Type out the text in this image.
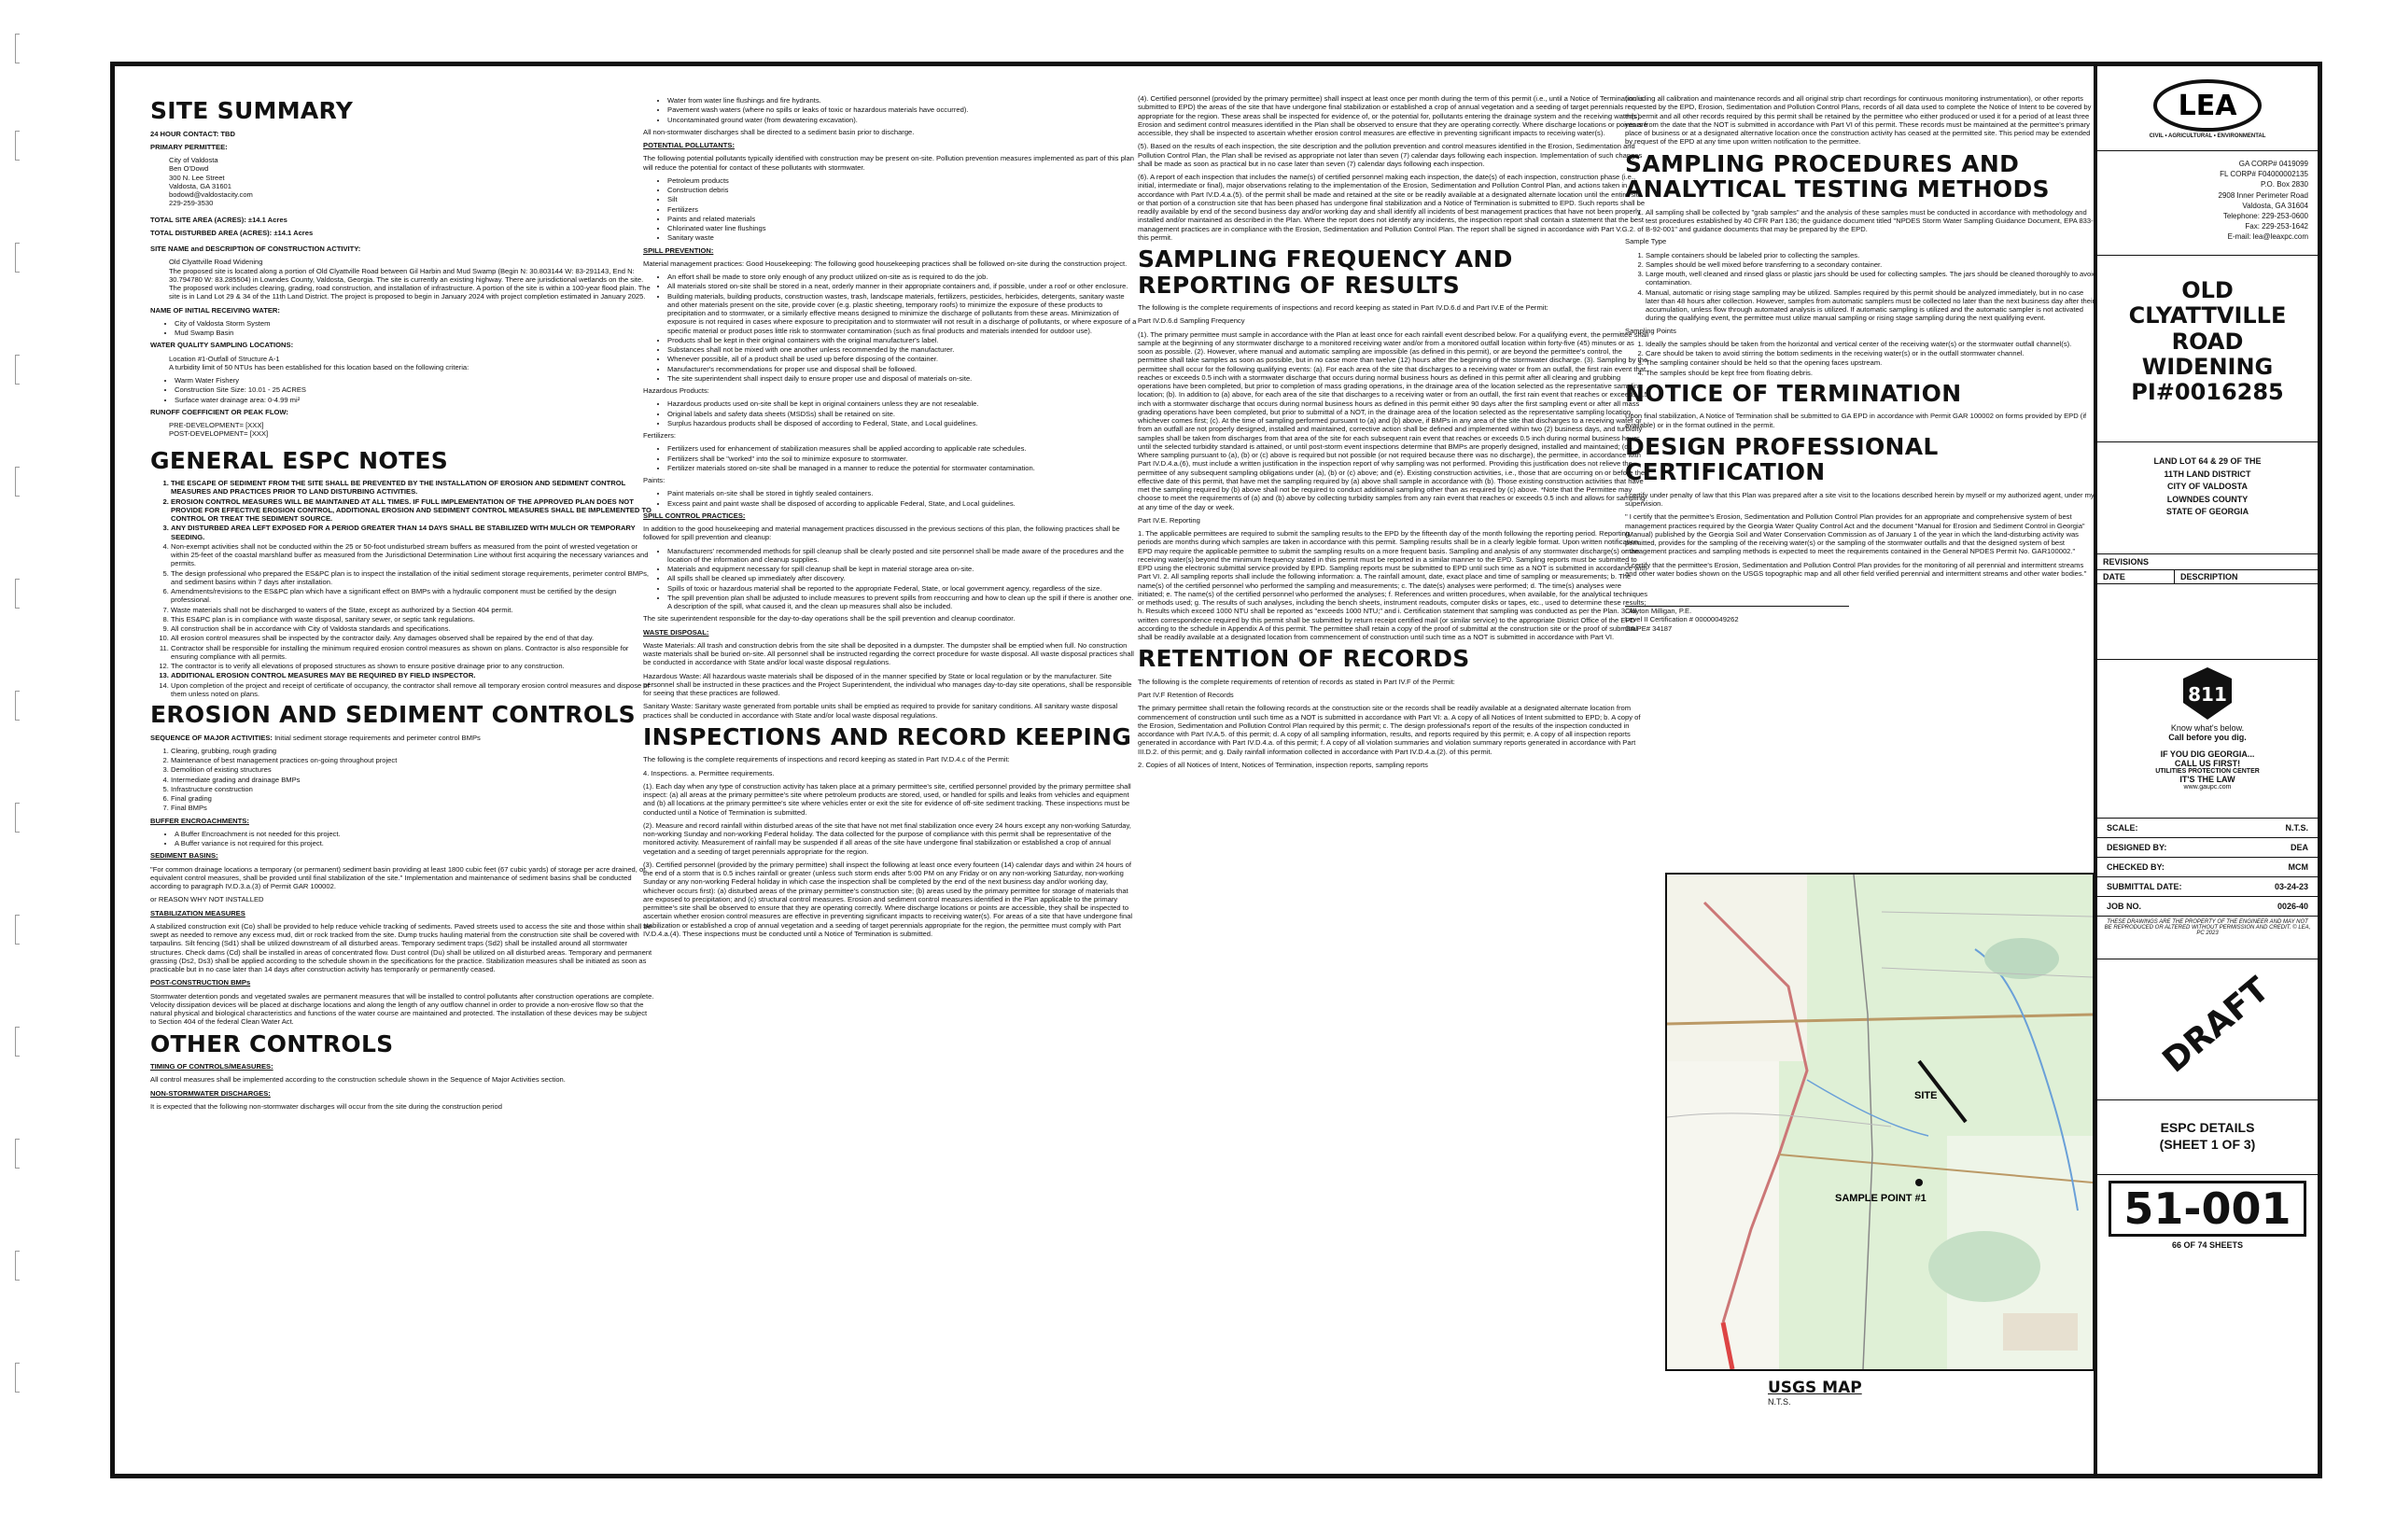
SITE SUMMARY

24 HOUR CONTACT: TBD

PRIMARY PERMITTEE:

City of Valdosta
Ben O'Dowd
300 N. Lee Street
Valdosta, GA 31601
bodowd@valdostacity.com
229-259-3530

TOTAL SITE AREA (ACRES): ±14.1 Acres

TOTAL DISTURBED AREA (ACRES): ±14.1 Acres

SITE NAME and DESCRIPTION OF CONSTRUCTION ACTIVITY:

Old Clyattville Road Widening

The proposed site is located along a portion of Old Clyattville Road between Gil Harbin and Mud Swamp (Begin N: 30.803144 W: 83-291143, End N: 30.794780 W: 83.285504) in Lowndes County, Valdosta, Georgia. The site is currently an existing highway. There are jurisdictional wetlands on the site. The proposed work includes clearing, grading, road construction, and installation of infrastructure. A portion of the site is within a 100-year flood plain. The site is in Land Lot 29 & 34 of the 11th Land District. The project is proposed to begin in January 2024 with project completion estimated in January 2025.

NAME OF INITIAL RECEIVING WATER:

• City of Valdosta Storm System
• Mud Swamp Basin

WATER QUALITY SAMPLING LOCATIONS:

Location #1-Outfall of Structure A-1

A turbidity limit of 50 NTUs has been established for this location based on the following criteria:

• Warm Water Fishery
• Construction Site Size: 10.01 - 25 ACRES
• Surface water drainage area: 0-4.99 mi²

RUNOFF COEFFICIENT OR PEAK FLOW:

PRE-DEVELOPMENT= [XXX]
POST-DEVELOPMENT= [XXX]
GENERAL ESPC NOTES
1. THE ESCAPE OF SEDIMENT FROM THE SITE SHALL BE PREVENTED BY THE INSTALLATION OF EROSION AND SEDIMENT CONTROL MEASURES AND PRACTICES PRIOR TO LAND DISTURBING ACTIVITIES.
2. EROSION CONTROL MEASURES WILL BE MAINTAINED AT ALL TIMES. IF FULL IMPLEMENTATION OF THE APPROVED PLAN DOES NOT PROVIDE FOR EFFECTIVE EROSION CONTROL, ADDITIONAL EROSION AND SEDIMENT CONTROL MEASURES SHALL BE IMPLEMENTED TO CONTROL OR TREAT THE SEDIMENT SOURCE.
3. ANY DISTURBED AREA LEFT EXPOSED FOR A PERIOD GREATER THAN 14 DAYS SHALL BE STABILIZED WITH MULCH OR TEMPORARY SEEDING.
4. Non-exempt activities shall not be conducted within the 25 or 50-foot undisturbed stream buffers as measured from the point of wrested vegetation or within 25-feet of the coastal marshland buffer as measured from the Jurisdictional Determination Line without first acquiring the necessary variances and permits.
5. The design professional who prepared the ES&PC plan is to inspect the installation of the initial sediment storage requirements, perimeter control BMPs, and sediment basins within 7 days after installation.
6. Amendments/revisions to the ES&PC plan which have a significant effect on BMPs with a hydraulic component must be certified by the design professional.
7. Waste materials shall not be discharged to waters of the State, except as authorized by a Section 404 permit.
8. This ES&PC plan is in compliance with waste disposal, sanitary sewer, or septic tank regulations.
9. All construction shall be in accordance with City of Valdosta standards and specifications.
10. All erosion control measures shall be inspected by the contractor daily. Any damages observed shall be repaired by the end of that day.
11. Contractor shall be responsible for installing the minimum required erosion control measures as shown on plans. Contractor is also responsible for ensuring compliance with all permits.
12. The contractor is to verify all elevations of proposed structures as shown to ensure positive drainage prior to any construction.
13. ADDITIONAL EROSION CONTROL MEASURES MAY BE REQUIRED BY FIELD INSPECTOR.
14. Upon completion of the project and receipt of certificate of occupancy, the contractor shall remove all temporary erosion control measures and dispose of them unless noted on plans.
EROSION AND SEDIMENT CONTROLS

SEQUENCE OF MAJOR ACTIVITIES: Initial sediment storage requirements and perimeter control BMPs

1. Clearing, grubbing, rough grading
2. Maintenance of best management practices on-going throughout project
3. Demolition of existing structures
4. Intermediate grading and drainage BMPs
5. Infrastructure construction
6. Final grading
7. Final BMPs

BUFFER ENCROACHMENTS:

• A Buffer Encroachment is not needed for this project.
• A Buffer variance is not required for this project.

SEDIMENT BASINS:

"For common drainage locations a temporary (or permanent) sediment basin providing at least 1800 cubic feet (67 cubic yards) of storage per acre drained, or equivalent control measures, shall be provided until final stabilization of the site." Implementation and maintenance of sediment basins shall be conducted according to paragraph IV.D.3.a.(3) of Permit GAR 100002.

or REASON WHY NOT INSTALLED

STABILIZATION MEASURES

A stabilized construction exit (Co) shall be provided to help reduce vehicle tracking of sediments. Paved streets used to access the site and those within shall be swept as needed to remove any excess mud, dirt or rock tracked from the site. Dump trucks hauling material from the construction site shall be covered with tarpaulins. Silt fencing (Sd1) shall be utilized downstream of all disturbed areas. Temporary sediment traps (Sd2) shall be installed around all stormwater structures. Check dams (Cd) shall be installed in areas of concentrated flow. Dust control (Du) shall be utilized on all disturbed areas. Temporary and permanent grassing (Ds2, Ds3) shall be applied according to the schedule shown in the specifications for the practice. Stabilization measures shall be initiated as soon as practicable but in no case later than 14 days after construction activity has temporarily or permanently ceased.

POST-CONSTRUCTION BMPs

Stormwater detention ponds and vegetated swales are permanent measures that will be installed to control pollutants after construction operations are complete. Velocity dissipation devices will be placed at discharge locations and along the length of any outflow channel in order to provide a non-erosive flow so that the natural physical and biological characteristics and functions of the water course are maintained and protected. The installation of these devices may be subject to Section 404 of the federal Clean Water Act.

OTHER CONTROLS

TIMING OF CONTROLS/MEASURES:

All control measures shall be implemented according to the construction schedule shown in the Sequence of Major Activities section.

NON-STORMWATER DISCHARGES:

It is expected that the following non-stormwater discharges will occur from the site during the construction period

• Water from water line flushings and fire hydrants.
• Pavement wash waters (where no spills or leaks of toxic or hazardous materials have occurred).
• Uncontaminated ground water (from dewatering excavation).

All non-stormwater discharges shall be directed to a sediment basin prior to discharge.

POTENTIAL POLLUTANTS:

The following potential pollutants typically identified with construction may be present on-site. Pollution prevention measures implemented as part of this plan will reduce the potential for contact of these pollutants with stormwater.

• Petroleum products
• Construction debris
• Silt
• Fertilizers
• Paints and related materials
• Chlorinated water line flushings
• Sanitary waste

SPILL PREVENTION:

Material management practices: Good Housekeeping: The following good housekeeping practices shall be followed on-site during the construction project.

• An effort shall be made to store only enough of any product utilized on-site as is required to do the job.
• All materials stored on-site shall be stored in a neat, orderly manner in their appropriate containers and, if possible, under a roof or other enclosure.
• Building materials, building products, construction wastes, trash, landscape materials, fertilizers, pesticides, herbicides, detergents, sanitary waste and other materials present on the site, provide cover (e.g. plastic sheeting, temporary roofs) to minimize the exposure of these products to precipitation and to stormwater, or a similarly effective means designed to minimize the discharge of pollutants from these areas. Minimization of exposure is not required in cases where exposure to precipitation and to stormwater will not result in a discharge of pollutants, or where exposure of a specific material or product poses little risk to stormwater contamination (such as final products and materials intended for outdoor use).
• Products shall be kept in their original containers with the original manufacturer's label.
• Substances shall not be mixed with one another unless recommended by the manufacturer.
• Whenever possible, all of a product shall be used up before disposing of the container.
• Manufacturer's recommendations for proper use and disposal shall be followed.
• The site superintendent shall inspect daily to ensure proper use and disposal of materials on-site.

Hazardous Products:

• Hazardous products used on-site shall be kept in original containers unless they are not resealable.
• Original labels and safety data sheets (MSDSs) shall be retained on site.
• Surplus hazardous products shall be disposed of according to Federal, State, and Local guidelines.

Fertilizers:

• Fertilizers used for enhancement of stabilization measures shall be applied according to applicable rate schedules.
• Fertilizers shall be "worked" into the soil to minimize exposure to stormwater.
• Fertilizer materials stored on-site shall be managed in a manner to reduce the potential for stormwater contamination.

Paints:

• Paint materials on-site shall be stored in tightly sealed containers.
• Excess paint and paint waste shall be disposed of according to applicable Federal, State, and Local guidelines.

SPILL CONTROL PRACTICES:

In addition to the good housekeeping and material management practices discussed in the previous sections of this plan, the following practices shall be followed for spill prevention and cleanup:

• Manufacturers' recommended methods for spill cleanup shall be clearly posted and site personnel shall be made aware of the procedures and the location of the information and cleanup supplies.
• Materials and equipment necessary for spill cleanup shall be kept in material storage area on-site.
• All spills shall be cleaned up immediately after discovery.
• Spills of toxic or hazardous material shall be reported to the appropriate Federal, State, or local government agency, regardless of the size.
• The spill prevention plan shall be adjusted to include measures to prevent spills from reoccurring and how to clean up the spill if there is another one. A description of the spill, what caused it, and the clean up measures shall also be included.

The site superintendent responsible for the day-to-day operations shall be the spill prevention and cleanup coordinator.

WASTE DISPOSAL:

Waste Materials: All trash and construction debris from the site shall be deposited in a dumpster. The dumpster shall be emptied when full. No construction waste materials shall be buried on-site. All personnel shall be instructed regarding the correct procedure for waste disposal. All waste disposal practices shall be conducted in accordance with State and/or local waste disposal regulations.

Hazardous Waste: All hazardous waste materials shall be disposed of in the manner specified by State or local regulation or by the manufacturer. Site personnel shall be instructed in these practices and the Project Superintendent, the individual who manages day-to-day site operations, shall be responsible for seeing that these practices are followed.

Sanitary Waste: Sanitary waste generated from portable units shall be emptied as required to provide for sanitary conditions. All sanitary waste disposal practices shall be conducted in accordance with State and/or local waste disposal regulations.

INSPECTIONS AND RECORD KEEPING

The following is the complete requirements of inspections and record keeping as stated in Part IV.D.4.c of the Permit:

4. Inspections. a. Permittee requirements.

(1). Each day when any type of construction activity has taken place at a primary permittee's site, certified personnel provided by the primary permittee shall inspect: (a) all areas at the primary permittee's site where petroleum products are stored, used, or handled for spills and leaks from vehicles and equipment and (b) all locations at the primary permittee's site where vehicles enter or exit the site for evidence of off-site sediment tracking. These inspections must be conducted until a Notice of Termination is submitted.

(2). Measure and record rainfall within disturbed areas of the site that have not met final stabilization once every 24 hours except any non-working Saturday, non-working Sunday and non-working Federal holiday. The data collected for the purpose of compliance with this permit shall be representative of the monitored activity. Measurement of rainfall may be suspended if all areas of the site have undergone final stabilization or established a crop of annual vegetation and a seeding of target perennials appropriate for the region.

(3). Certified personnel (provided by the primary permittee) shall inspect the following at least once every fourteen (14) calendar days and within 24 hours of the end of a storm that is 0.5 inches rainfall or greater (unless such storm ends after 5:00 PM on any Friday or on any non-working Saturday, non-working Sunday or any non-working Federal holiday in which case the inspection shall be completed by the end of the next business day and/or working day, whichever occurs first): (a) disturbed areas of the primary permittee's construction site; (b) areas used by the primary permittee for storage of materials that are exposed to precipitation; and (c) structural control measures. Erosion and sediment control measures identified in the Plan applicable to the primary permittee's site shall be observed to ensure that they are operating correctly. Where discharge locations or points are accessible, they shall be inspected to ascertain whether erosion control measures are effective in preventing significant impacts to receiving water(s). For areas of a site that have undergone final stabilization or established a crop of annual vegetation and a seeding of target perennials appropriate for the region, the permittee must comply with Part IV.D.4.a.(4). These inspections must be conducted until a Notice of Termination is submitted.

(4). Certified personnel (provided by the primary permittee) shall inspect at least once per month during the term of this permit (i.e., until a Notice of Termination is submitted to EPD) the areas of the site that have undergone final stabilization or established a crop of annual vegetation and a seeding of target perennials appropriate for the region. These areas shall be inspected for evidence of, or the potential for, pollutants entering the drainage system and the receiving water(s). Erosion and sediment control measures identified in the Plan shall be observed to ensure that they are operating correctly. Where discharge locations or points are accessible, they shall be inspected to ascertain whether erosion control measures are effective in preventing significant impacts to receiving water(s).

(5). Based on the results of each inspection, the site description and the pollution prevention and control measures identified in the Erosion, Sedimentation and Pollution Control Plan, the Plan shall be revised as appropriate not later than seven (7) calendar days following each inspection. Implementation of such changes shall be made as soon as practical but in no case later than seven (7) calendar days following each inspection.

(6). A report of each inspection that includes the name(s) of certified personnel making each inspection, the date(s) of each inspection, construction phase (i.e., initial, intermediate or final), major observations relating to the implementation of the Erosion, Sedimentation and Pollution Control Plan, and actions taken in accordance with Part IV.D.4.a.(5). of the permit shall be made and retained at the site or be readily available at a designated alternate location until the entire site or that portion of a construction site that has been phased has undergone final stabilization and a Notice of Termination is submitted to EPD. Such reports shall be readily available by end of the second business day and/or working day and shall identify all incidents of best management practices that have not been properly installed and/or maintained as described in the Plan. Where the report does not identify any incidents, the inspection report shall contain a statement that the best management practices are in compliance with the Erosion, Sedimentation and Pollution Control Plan. The report shall be signed in accordance with Part V.G.2. of this permit.

SAMPLING FREQUENCY AND REPORTING OF RESULTS

The following is the complete requirements of inspections and record keeping as stated in Part IV.D.6.d and Part IV.E of the Permit:

Part IV.D.6.d Sampling Frequency

(1). The primary permittee must sample in accordance with the Plan at least once for each rainfall event described below. For a qualifying event, the permittee shall sample at the beginning of any stormwater discharge to a monitored receiving water and/or from a monitored outfall location within forty-five (45) minutes or as soon as possible. (2). However, where manual and automatic sampling are impossible (as defined in this permit), or are beyond the permittee's control, the permittee shall take samples as soon as possible, but in no case more than twelve (12) hours after the beginning of the stormwater discharge. (3). Sampling by the permittee shall occur for the following qualifying events: (a). For each area of the site that discharges to a receiving water or from an outfall, the first rain event that reaches or exceeds 0.5 inch with a stormwater discharge that occurs during normal business hours as defined in this permit after all clearing and grubbing operations have been completed, but prior to completion of mass grading operations, in the drainage area of the location selected as the representative sampling location; (b). In addition to (a) above, for each area of the site that discharges to a receiving water or from an outfall, the first rain event that reaches or exceeds 0.5 inch with a stormwater discharge that occurs during normal business hours as defined in this permit either 90 days after the first sampling event or after all mass grading operations have been completed, but prior to submittal of a NOT, in the drainage area of the location selected as the representative sampling location, whichever comes first; (c). At the time of sampling performed pursuant to (a) and (b) above, if BMPs in any area of the site that discharges to a receiving water or from an outfall are not properly designed, installed and maintained, corrective action shall be defined and implemented within two (2) business days, and turbidity samples shall be taken from discharges from that area of the site for each subsequent rain event that reaches or exceeds 0.5 inch during normal business hours until the selected turbidity standard is attained, or until post-storm event inspections determine that BMPs are properly designed, installed and maintained; (d). Where sampling pursuant to (a), (b) or (c) above is required but not possible (or not required because there was no discharge), the permittee, in accordance with Part IV.D.4.a.(6), must include a written justification in the inspection report of why sampling was not performed. Providing this justification does not relieve the permittee of any subsequent sampling obligations under (a), (b) or (c) above; and (e). Existing construction activities, i.e., those that are occurring on or before the effective date of this permit, that have met the sampling required by (a) above shall sample in accordance with (b). Those existing construction activities that have met the sampling required by (b) above shall not be required to conduct additional sampling other than as required by (c) above. *Note that the Permittee may choose to meet the requirements of (a) and (b) above by collecting turbidity samples from any rain event that reaches or exceeds 0.5 inch and allows for sampling at any time of the day or week.

Part IV.E. Reporting

1. The applicable permittees are required to submit the sampling results to the EPD by the fifteenth day of the month following the reporting period. Reporting periods are months during which samples are taken in accordance with this permit. Sampling results shall be in a clearly legible format. Upon written notification, EPD may require the applicable permittee to submit the sampling results on a more frequent basis. Sampling and analysis of any stormwater discharge(s) or the receiving water(s) beyond the minimum frequency stated in this permit must be reported in a similar manner to the EPD. Sampling reports must be submitted to EPD using the electronic submittal service provided by EPD. Sampling reports must be submitted to EPD until such time as a NOT is submitted in accordance with Part VI. 2. All sampling reports shall include the following information: a. The rainfall amount, date, exact place and time of sampling or measurements; b. The name(s) of the certified personnel who performed the sampling and measurements; c. The date(s) analyses were performed; d. The time(s) analyses were initiated; e. The name(s) of the certified personnel who performed the analyses; f. References and written procedures, when available, for the analytical techniques or methods used; g. The results of such analyses, including the bench sheets, instrument readouts, computer disks or tapes, etc., used to determine these results; h. Results which exceed 1000 NTU shall be reported as "exceeds 1000 NTU;" and i. Certification statement that sampling was conducted as per the Plan. 3. All written correspondence required by this permit shall be submitted by return receipt certified mail (or similar service) to the appropriate District Office of the EPD according to the schedule in Appendix A of this permit. The permittee shall retain a copy of the proof of submittal at the construction site or the proof of submittal shall be readily available at a designated location from commencement of construction until such time as a NOT is submitted in accordance with Part VI.

RETENTION OF RECORDS

The following is the complete requirements of retention of records as stated in Part IV.F of the Permit:

Part IV.F Retention of Records

The primary permittee shall retain the following records at the construction site or the records shall be readily available at a designated alternate location from commencement of construction until such time as a NOT is submitted in accordance with Part VI: a. A copy of all Notices of Intent submitted to EPD; b. A copy of the Erosion, Sedimentation and Pollution Control Plan required by this permit; c. The design professional's report of the results of the inspection conducted in accordance with Part IV.A.5. of this permit; d. A copy of all sampling information, results, and reports required by this permit; e. A copy of all inspection reports generated in accordance with Part IV.D.4.a. of this permit; f. A copy of all violation summaries and violation summary reports generated in accordance with Part III.D.2. of this permit; and g. Daily rainfall information collected in accordance with Part IV.D.4.a.(2). of this permit.

2. Copies of all Notices of Intent, Notices of Termination, inspection reports, sampling reports

(including all calibration and maintenance records and all original strip chart recordings for continuous monitoring instrumentation), or other reports requested by the EPD, Erosion, Sedimentation and Pollution Control Plans, records of all data used to complete the Notice of Intent to be covered by this permit and all other records required by this permit shall be retained by the permittee who either produced or used it for a period of at least three years from the date that the NOT is submitted in accordance with Part VI of this permit. These records must be maintained at the permittee's primary place of business or at a designated alternative location once the construction activity has ceased at the permitted site. This period may be extended by request of the EPD at any time upon written notification to the permittee.

SAMPLING PROCEDURES AND ANALYTICAL TESTING METHODS
1. All sampling shall be collected by "grab samples" and the analysis of these samples must be conducted in accordance with methodology and test procedures established by 40 CFR Part 136; the guidance document titled "NPDES Storm Water Sampling Guidance Document, EPA 833-B-92-001" and guidance documents that may be prepared by the EPD.

Sample Type

1. Sample containers should be labeled prior to collecting the samples.
2. Samples should be well mixed before transferring to a secondary container.
3. Large mouth, well cleaned and rinsed glass or plastic jars should be used for collecting samples. The jars should be cleaned thoroughly to avoid contamination.
4. Manual, automatic or rising stage sampling may be utilized. Samples required by this permit should be analyzed immediately, but in no case later than 48 hours after collection. However, samples from automatic samplers must be collected no later than the next business day after their accumulation, unless flow through automated analysis is utilized. If automatic sampling is utilized and the automatic sampler is not activated during the qualifying event, the permittee must utilize manual sampling or rising stage sampling during the next qualifying event.

Sampling Points

1. Ideally the samples should be taken from the horizontal and vertical center of the receiving water(s) or the stormwater outfall channel(s).
2. Care should be taken to avoid stirring the bottom sediments in the receiving water(s) or in the outfall stormwater channel.
3. The sampling container should be held so that the opening faces upstream.
4. The samples should be kept free from floating debris.
NOTICE OF TERMINATION

Upon final stabilization, A Notice of Termination shall be submitted to GA EPD in accordance with Permit GAR 100002 on forms provided by EPD (if available) or in the format outlined in the permit.

DESIGN PROFESSIONAL CERTIFICATION

I certify under penalty of law that this Plan was prepared after a site visit to the locations described herein by myself or my authorized agent, under my supervision.

" I certify that the permittee's Erosion, Sedimentation and Pollution Control Plan provides for an appropriate and comprehensive system of best management practices required by the Georgia Water Quality Control Act and the document "Manual for Erosion and Sediment Control in Georgia" (Manual) published by the Georgia Soil and Water Conservation Commission as of January 1 of the year in which the land-disturbing activity was permitted, provides for the sampling of the receiving water(s) or the sampling of the stormwater outfalls and that the designed system of best management practices and sampling methods is expected to meet the requirements contained in the General NPDES Permit No. GAR100002."

"I certify that the permittee's Erosion, Sedimentation and Pollution Control Plan provides for the monitoring of all perennial and intermittent streams and other water bodies shown on the USGS topographic map and all other field verified perennial and intermittent streams and other water bodies."

Clayton Milligan, P.E.
Level II Certification # 00000049262
GA PE# 34187
SITE
SAMPLE POINT #1
USGS MAP
N.T.S.
LEA
CIVIL • AGRICULTURAL • ENVIRONMENTAL
GA CORP# 0419099
FL CORP# F04000002135
P.O. Box 2830
2908 Inner Perimeter Road
Valdosta, GA 31604
Telephone: 229-253-0600
Fax: 229-253-1642
E-mail: lea@leaxpc.com
OLD
CLYATTVILLE
ROAD
WIDENING
PI#0016285
LAND LOT 64 & 29 OF THE
11TH LAND DISTRICT
CITY OF VALDOSTA
LOWNDES COUNTY
STATE OF GEORGIA
REVISIONS
DATE	DESCRIPTION
811
Know what's below.
Call before you dig.
IF YOU DIG GEORGIA...
CALL US FIRST!
UTILITIES PROTECTION CENTER
IT'S THE LAW
www.gaupc.com
SCALE:	N.T.S.
DESIGNED BY:	DEA
CHECKED BY:	MCM
SUBMITTAL DATE:	03-24-23
JOB NO.	0026-40
THESE DRAWINGS ARE THE PROPERTY OF THE ENGINEER AND MAY NOT BE REPRODUCED OR ALTERED WITHOUT PERMISSION AND CREDIT. © LEA, PC 2023
DRAFT
ESPC DETAILS
(SHEET 1 OF 3)
51-001
66 OF 74 SHEETS
